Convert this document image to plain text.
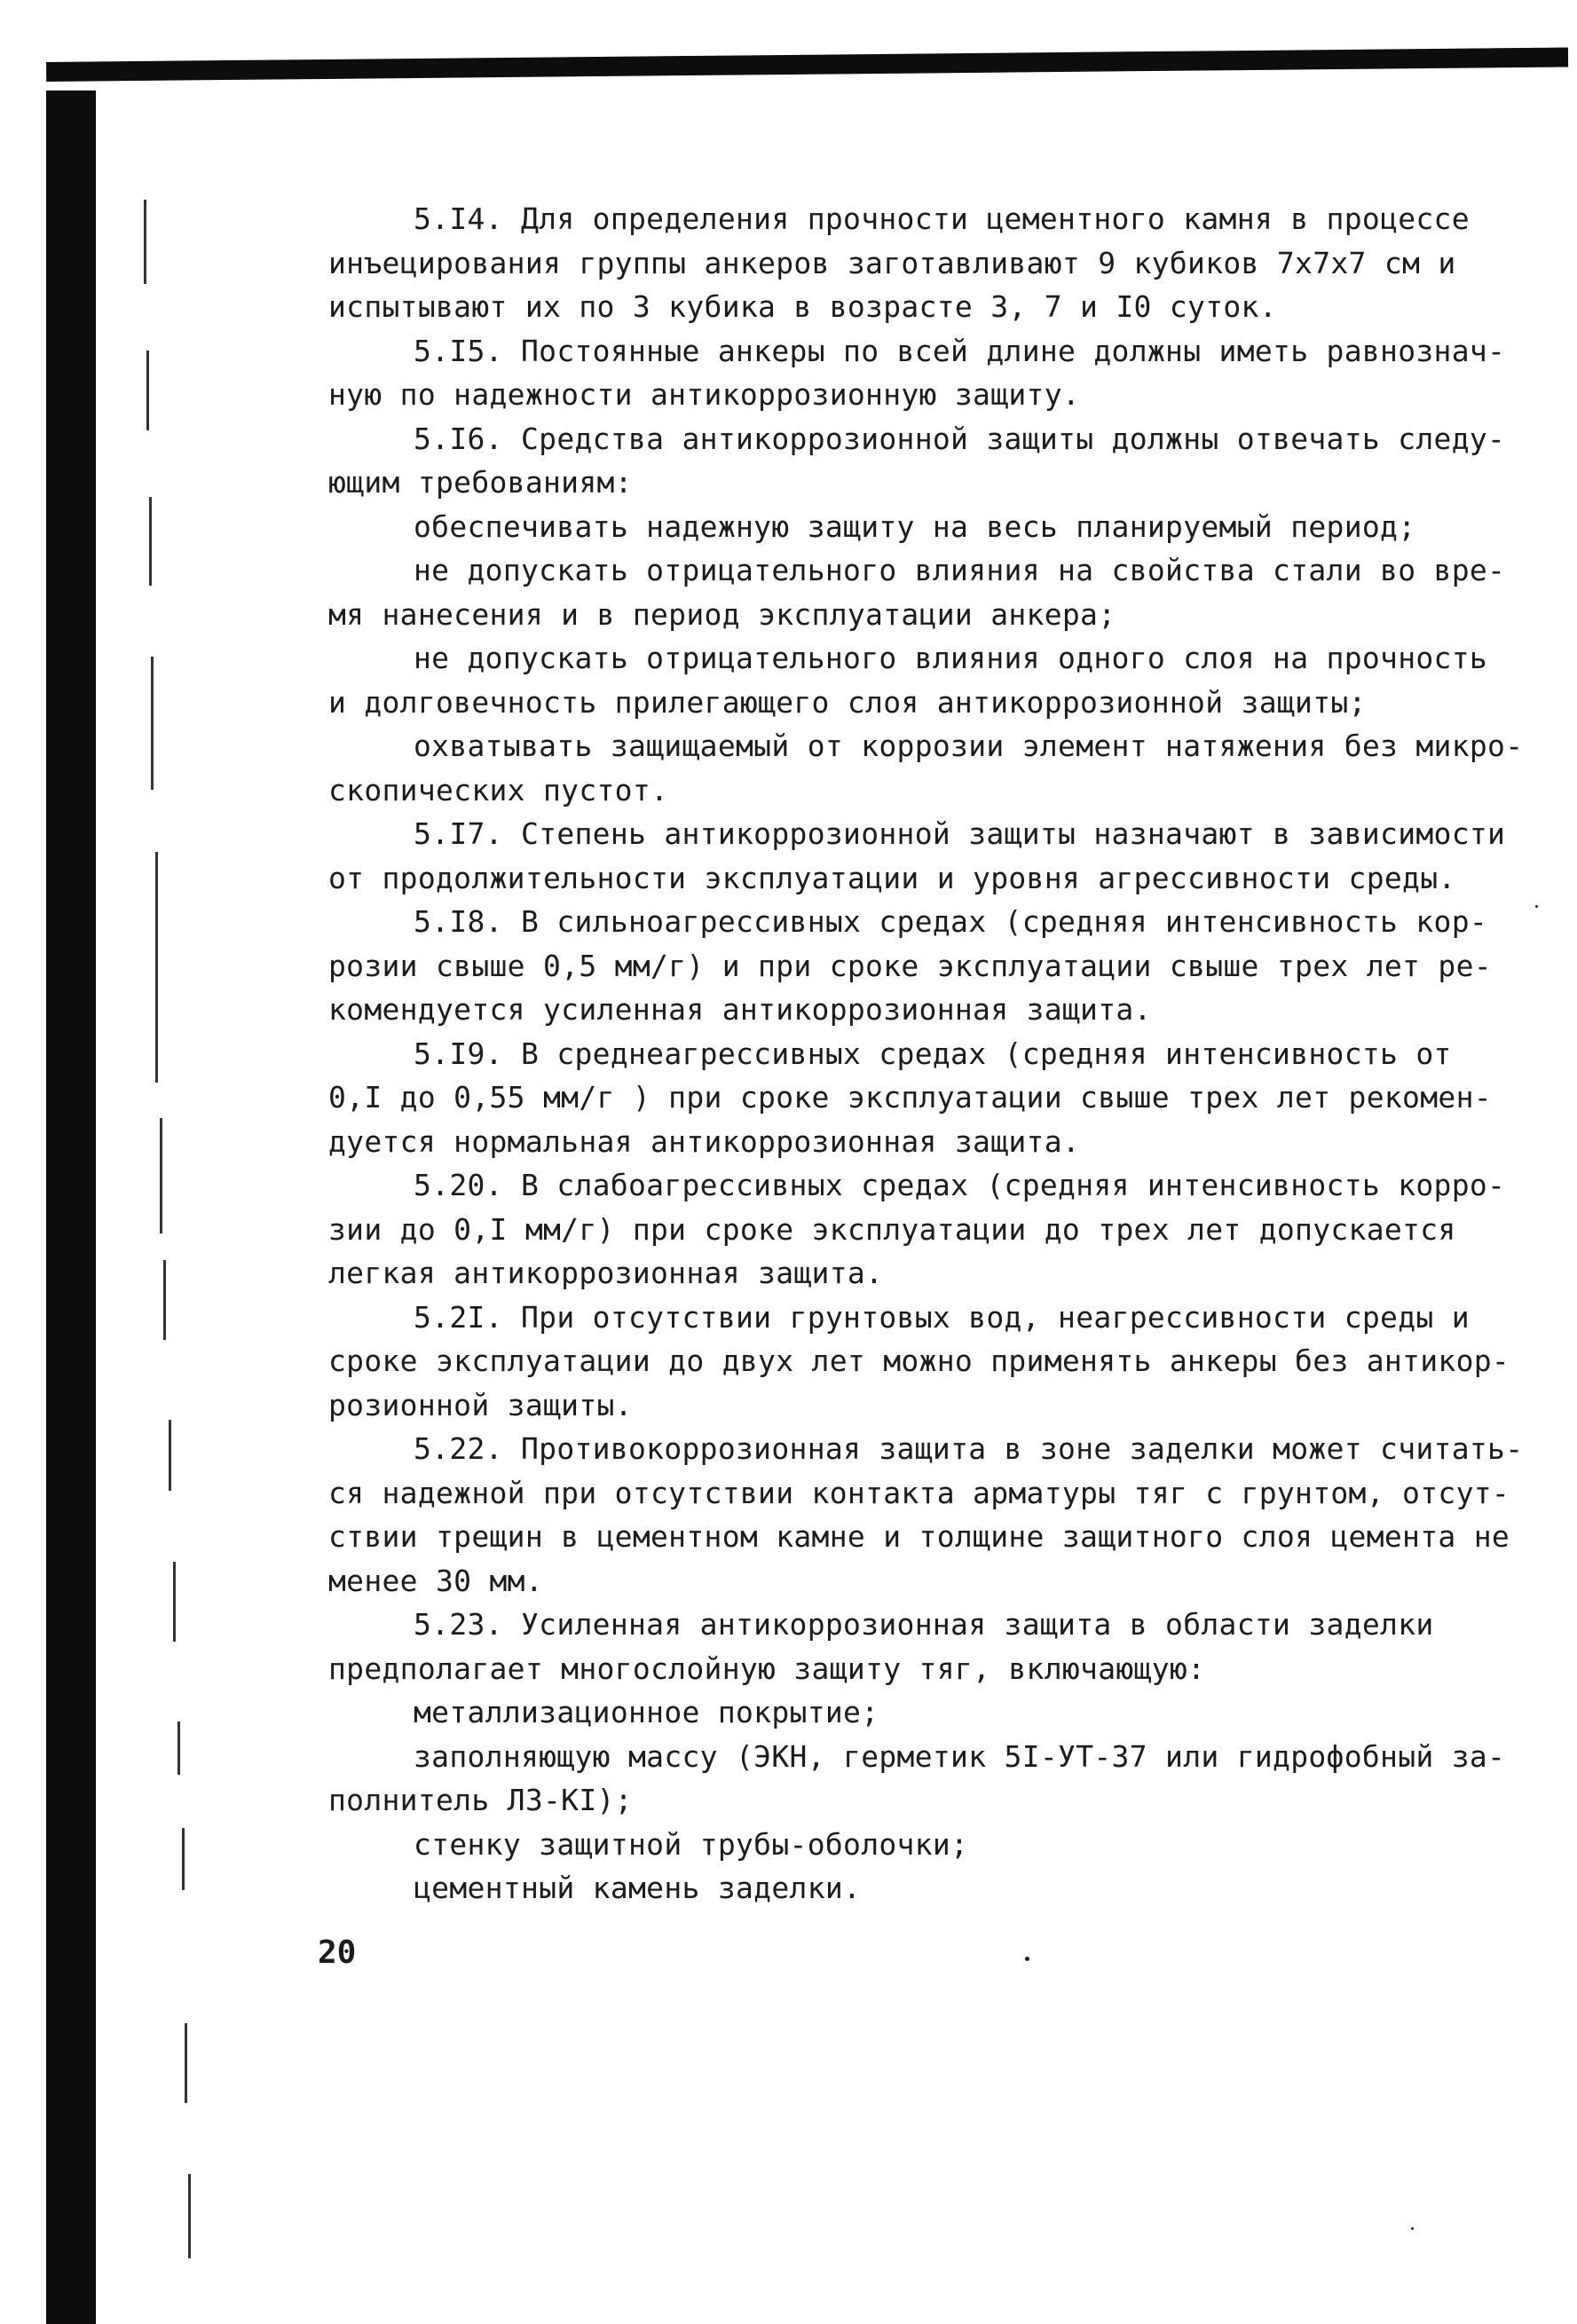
5.I4. Для определения прочности цементного камня в процессе
инъецирования группы анкеров заготавливают 9 кубиков 7х7х7 см и
испытывают их по 3 кубика в возрасте 3, 7 и I0 суток.
5.I5. Постоянные анкеры по всей длине должны иметь равнознач-
ную по надежности антикоррозионную защиту.
5.I6. Средства антикоррозионной защиты должны отвечать следу-
ющим требованиям:
обеспечивать надежную защиту на весь планируемый период;
не допускать отрицательного влияния на свойства стали во вре-
мя нанесения и в период эксплуатации анкера;
не допускать отрицательного влияния одного слоя на прочность
и долговечность прилегающего слоя антикоррозионной защиты;
охватывать защищаемый от коррозии элемент натяжения без микро-
скопических пустот.
5.I7. Степень антикоррозионной защиты назначают в зависимости
от продолжительности эксплуатации и уровня агрессивности среды.
5.I8. В сильноагрессивных средах (средняя интенсивность кор-
розии свыше 0,5 мм/г) и при сроке эксплуатации свыше трех лет ре-
комендуется усиленная антикоррозионная защита.
5.I9. В среднеагрессивных средах (средняя интенсивность от
0,I до 0,55 мм/г ) при сроке эксплуатации свыше трех лет рекомен-
дуется нормальная антикоррозионная защита.
5.20. В слабоагрессивных средах (средняя интенсивность корро-
зии до 0,I мм/г) при сроке эксплуатации до трех лет допускается
легкая антикоррозионная защита.
5.2I. При отсутствии грунтовых вод, неагрессивности среды и
сроке эксплуатации до двух лет можно применять анкеры без антикор-
розионной защиты.
5.22. Противокоррозионная защита в зоне заделки может считать-
ся надежной при отсутствии контакта арматуры тяг с грунтом, отсут-
ствии трещин в цементном камне и толщине защитного слоя цемента не
менее 30 мм.
5.23. Усиленная антикоррозионная защита в области заделки
предполагает многослойную защиту тяг, включающую:
металлизационное покрытие;
заполняющую массу (ЭКН, герметик 5I-УТ-37 или гидрофобный за-
полнитель ЛЗ-КI);
стенку защитной трубы-оболочки;
цементный камень заделки.
20
